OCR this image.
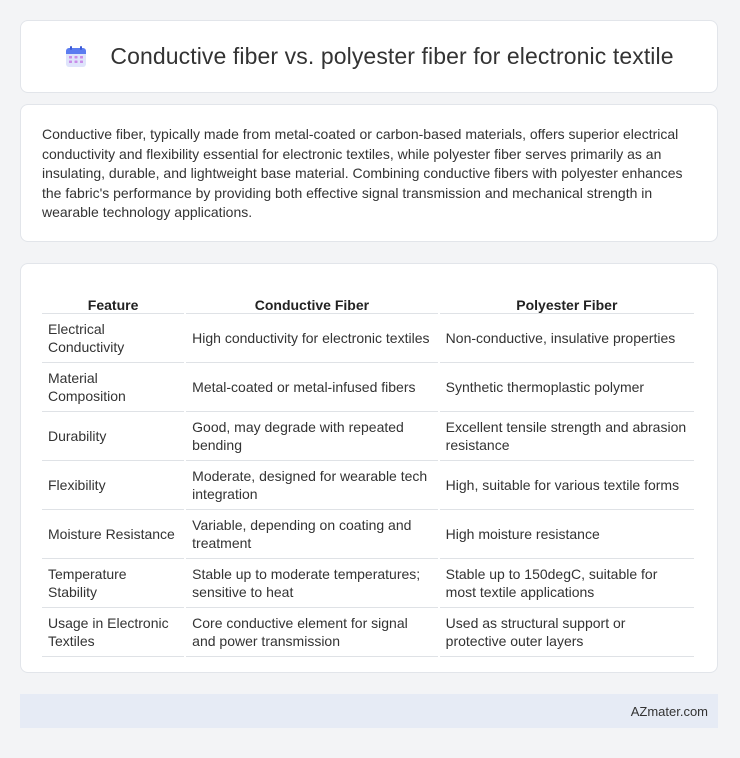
Conductive fiber vs. polyester fiber for electronic textile

Conductive fiber, typically made from metal-coated or carbon-based materials, offers superior electrical conductivity and flexibility essential for electronic textiles, while polyester fiber serves primarily as an insulating, durable, and lightweight base material. Combining conductive fibers with polyester enhances the fabric's performance by providing both effective signal transmission and mechanical strength in wearable technology applications.

Feature	Conductive Fiber	Polyester Fiber
Electrical Conductivity	High conductivity for electronic textiles	Non-conductive, insulative properties
Material Composition	Metal-coated or metal-infused fibers	Synthetic thermoplastic polymer
Durability	Good, may degrade with repeated bending	Excellent tensile strength and abrasion resistance
Flexibility	Moderate, designed for wearable tech integration	High, suitable for various textile forms
Moisture Resistance	Variable, depending on coating and treatment	High moisture resistance
Temperature Stability	Stable up to moderate temperatures; sensitive to heat	Stable up to 150degC, suitable for most textile applications
Usage in Electronic Textiles	Core conductive element for signal and power transmission	Used as structural support or protective outer layers
AZmater.com
